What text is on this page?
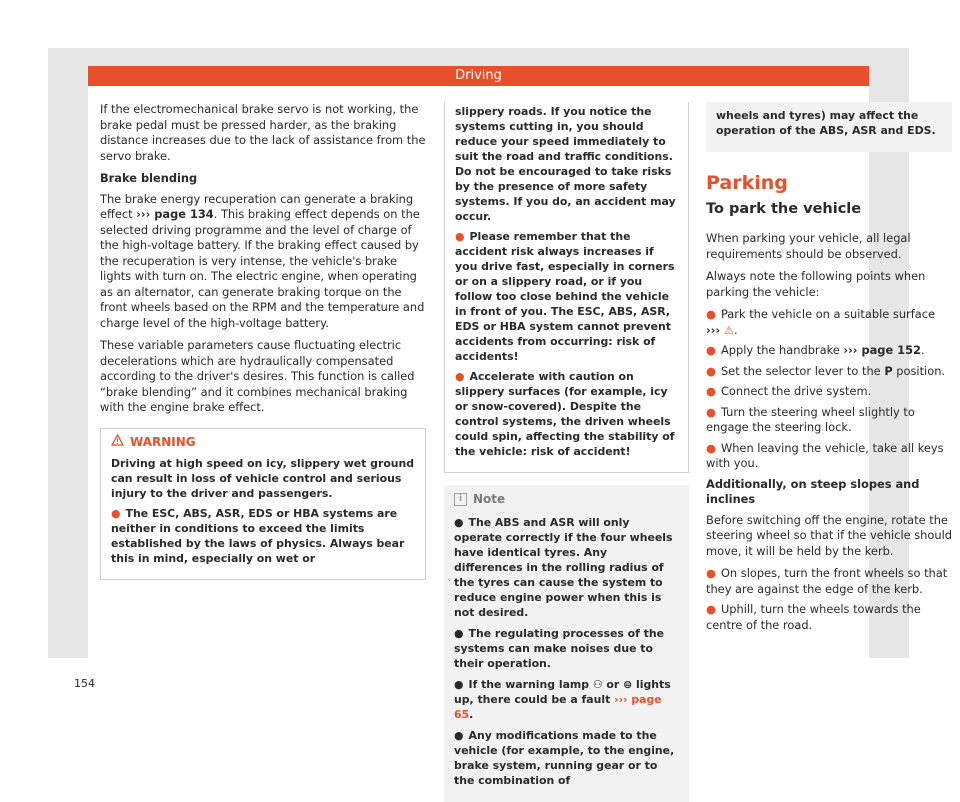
Driving

If the electromechanical brake servo is not working, the brake pedal must be pressed harder, as the braking distance increases due to the lack of assistance from the servo brake.

Brake blending

The brake energy recuperation can generate a braking effect ››› page 134. This braking effect depends on the selected driving programme and the level of charge of the high-voltage battery. If the braking effect caused by the recuperation is very intense, the vehicle's brake lights with turn on. The electric engine, when operating as an alternator, can generate braking torque on the front wheels based on the RPM and the temperature and charge level of the high-voltage battery.

These variable parameters cause fluctuating electric decelerations which are hydraulically compensated according to the driver's desires. This function is called “brake blending” and it combines mechanical braking with the engine brake effect.

WARNING

Driving at high speed on icy, slippery wet ground can result in loss of vehicle control and serious injury to the driver and passengers.

● The ESC, ABS, ASR, EDS or HBA systems are neither in conditions to exceed the limits established by the laws of physics. Always bear this in mind, especially on wet or

154

slippery roads. If you notice the systems cutting in, you should reduce your speed immediately to suit the road and traffic conditions. Do not be encouraged to take risks by the presence of more safety systems. If you do, an accident may occur.

● Please remember that the accident risk always increases if you drive fast, especially in corners or on a slippery road, or if you follow too close behind the vehicle in front of you. The ESC, ABS, ASR, EDS or HBA system cannot prevent accidents from occurring: risk of accidents!

● Accelerate with caution on slippery surfaces (for example, icy or snow-covered). Despite the control systems, the driven wheels could spin, affecting the stability of the vehicle: risk of accident!

i Note

● The ABS and ASR will only operate correctly if the four wheels have identical tyres. Any differences in the rolling radius of the tyres can cause the system to reduce engine power when this is not desired.

● The regulating processes of the systems can make noises due to their operation.

● If the warning lamp ⚇ or ⊜ lights up, there could be a fault ››› page 65.

● Any modifications made to the vehicle (for example, to the engine, brake system, running gear or to the combination of

wheels and tyres) may affect the operation of the ABS, ASR and EDS.

Parking
To park the vehicle

When parking your vehicle, all legal requirements should be observed.

Always note the following points when parking the vehicle:

● Park the vehicle on a suitable surface ››› ⚠.

● Apply the handbrake ››› page 152.

● Set the selector lever to the P position.

● Connect the drive system.

● Turn the steering wheel slightly to engage the steering lock.

● When leaving the vehicle, take all keys with you.

Additionally, on steep slopes and inclines

Before switching off the engine, rotate the steering wheel so that if the vehicle should move, it will be held by the kerb.

● On slopes, turn the front wheels so that they are against the edge of the kerb.

● Uphill, turn the wheels towards the centre of the road.
